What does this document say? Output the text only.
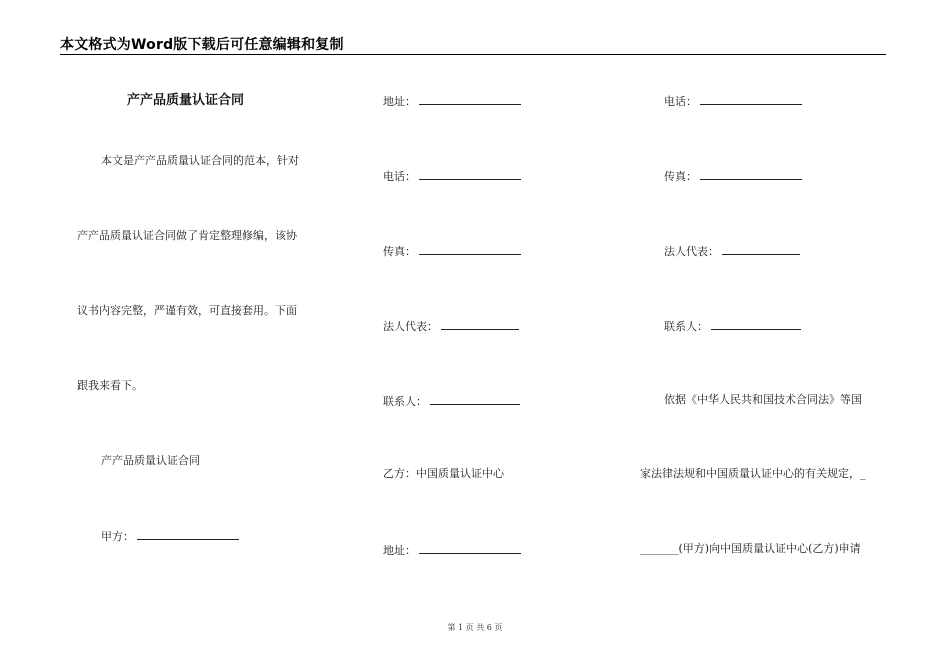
本文格式为Word版下载后可任意编辑和复制
产产品质量认证合同
本文是产产品质量认证合同的范本，针对
产产品质量认证合同做了肯定整理修编，该协
议书内容完整，严谨有效，可直接套用。下面
跟我来看下。
产产品质量认证合同
甲方：
地址：
电话：
传真：
法人代表：
联系人：
乙方：中国质量认证中心
地址：
电话：
传真：
法人代表：
联系人：
依据《中华人民共和国技术合同法》等国
家法律法规和中国质量认证中心的有关规定，_
_______(甲方)向中国质量认证中心(乙方)申请
第 1 页 共 6 页
